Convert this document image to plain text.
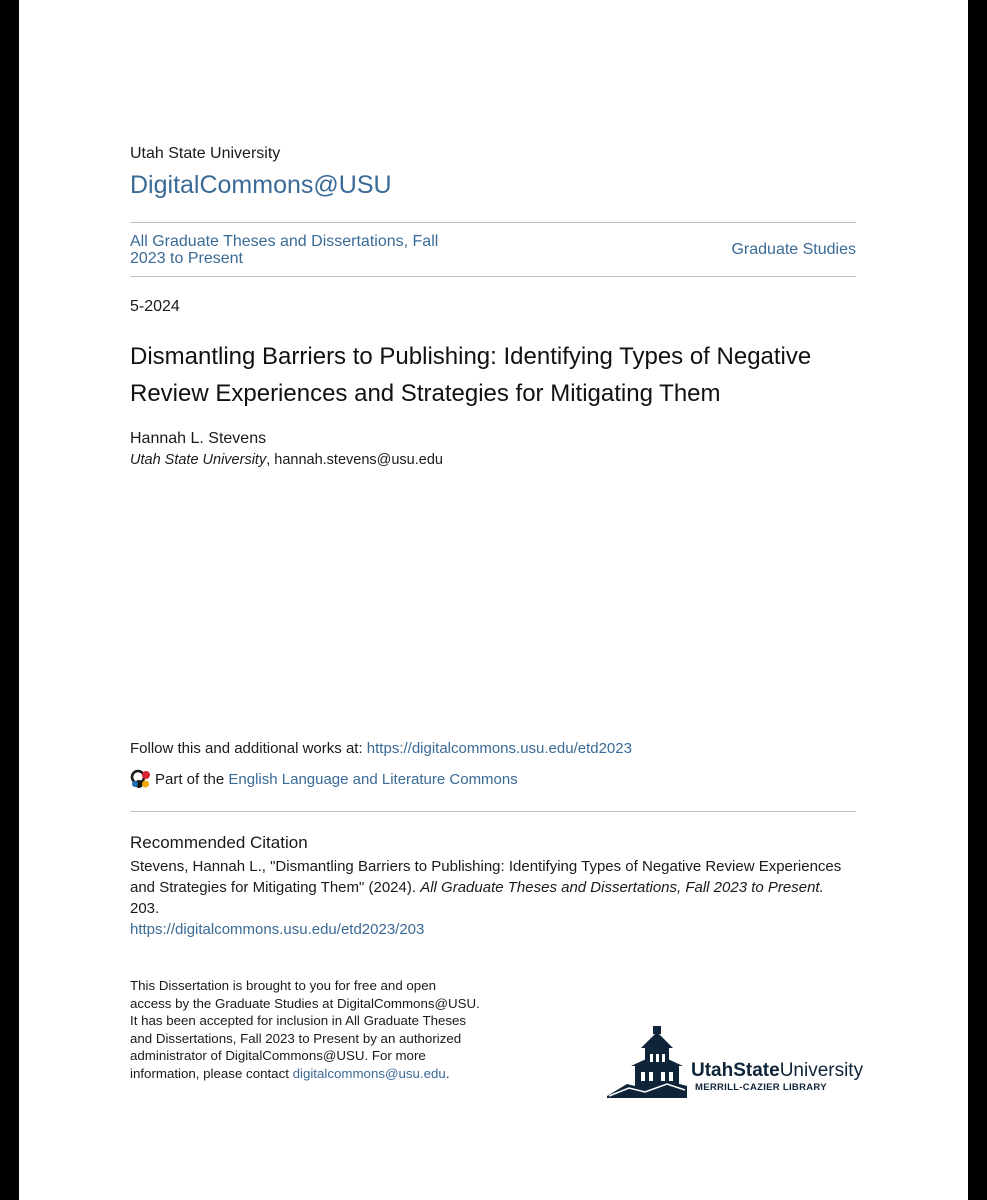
Utah State University
DigitalCommons@USU
All Graduate Theses and Dissertations, Fall 2023 to Present
Graduate Studies
5-2024
Dismantling Barriers to Publishing: Identifying Types of Negative Review Experiences and Strategies for Mitigating Them
Hannah L. Stevens
Utah State University, hannah.stevens@usu.edu
Follow this and additional works at: https://digitalcommons.usu.edu/etd2023
Part of the
English Language and Literature Commons
Recommended Citation
Stevens, Hannah L., "Dismantling Barriers to Publishing: Identifying Types of Negative Review Experiences and Strategies for Mitigating Them" (2024). All Graduate Theses and Dissertations, Fall 2023 to Present.
203.
https://digitalcommons.usu.edu/etd2023/203
This Dissertation is brought to you for free and open access by the Graduate Studies at DigitalCommons@USU. It has been accepted for inclusion in All Graduate Theses and Dissertations, Fall 2023 to Present by an authorized administrator of DigitalCommons@USU. For more information, please contact digitalcommons@usu.edu.	UtahStateUniversity
MERRILL-CAZIER LIBRARY
